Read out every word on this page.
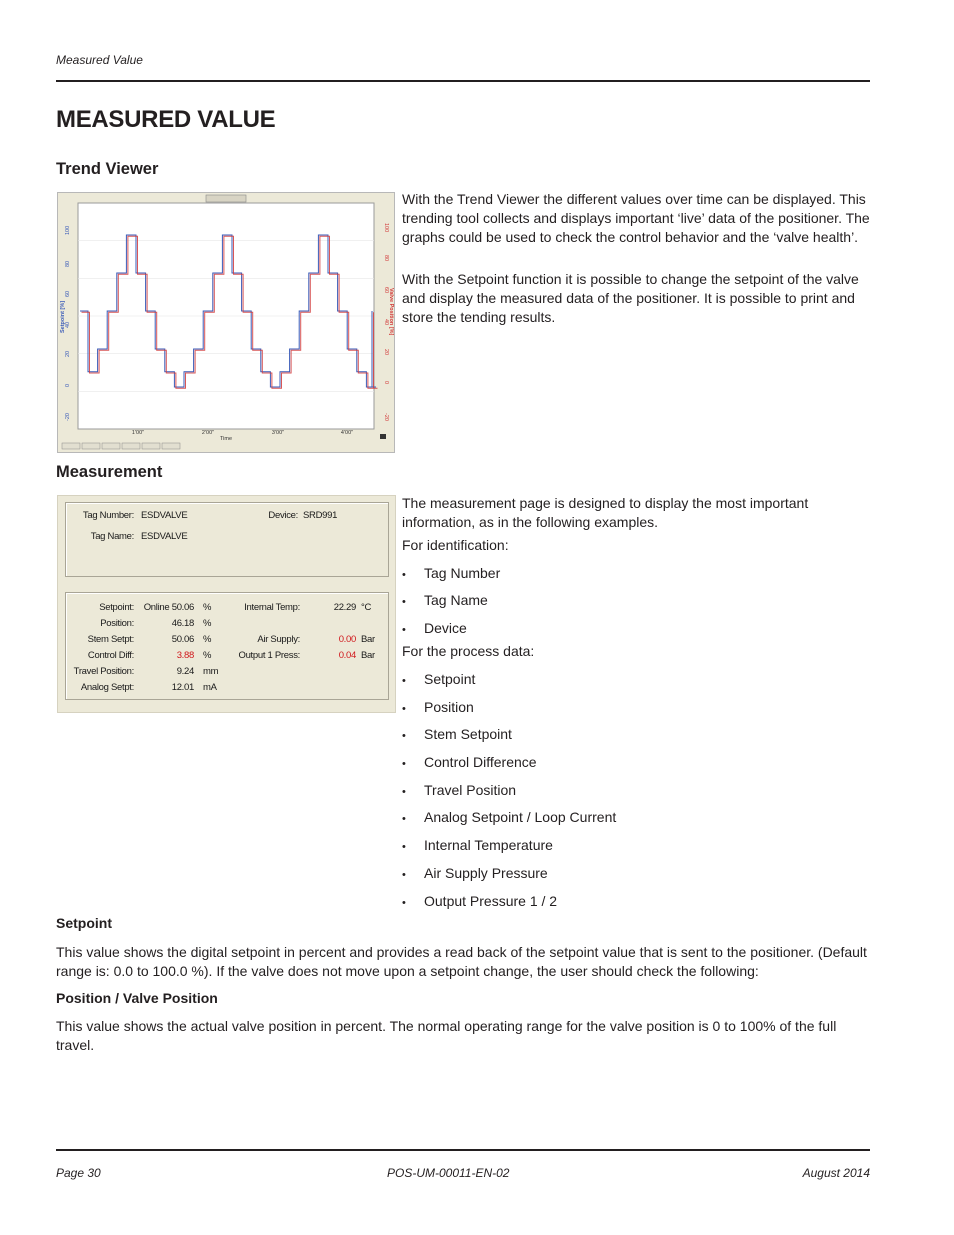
Measured Value
MEASURED VALUE
Trend Viewer
100
80
60
40
20
0
-20
Setpoint [%]
100
80
60
40
20
0
-20
Valve Position [%]
1'00"	2'00"	3'00"	4'00"
Time

With the Trend Viewer the different values over time can be displayed. This trending tool collects and displays important ‘live’ data of the positioner. The graphs could be used to check the control behavior and the ‘valve health’.

With the Setpoint function it is possible to change the setpoint of the valve and display the measured data of the positioner. It is possible to print and store the tending results.

Measurement
Tag Number: ESDVALVE
Tag Name: ESDVALVE
Device: SRD991
Setpoint:	Online 50.06 %
Position:	46.18 %
Stem Setpt:	50.06 %
Control Diff:	3.88 %
Travel Position:	9.24 mm
Analog Setpt:	12.01 mA
Internal Temp:	22.29 °C
Air Supply:	0.00 Bar
Output 1 Press:	0.04 Bar

The measurement page is designed to display the most important information, as in the following examples.

For identification:
• Tag Number
• Tag Name
• Device
For the process data:
• Setpoint
• Position
• Stem Setpoint
• Control Difference
• Travel Position
• Analog Setpoint / Loop Current
• Internal Temperature
• Air Supply Pressure
• Output Pressure 1 / 2
Setpoint

This value shows the digital setpoint in percent and provides a read back of the setpoint value that is sent to the positioner. (Default range is: 0.0 to 100.0 %). If the valve does not move upon a setpoint change, the user should check the following:

Position / Valve Position

This value shows the actual valve position in percent. The normal operating range for the valve position is 0 to 100% of the full travel.

Page 30	POS-UM-00011-EN-02	August 2014
